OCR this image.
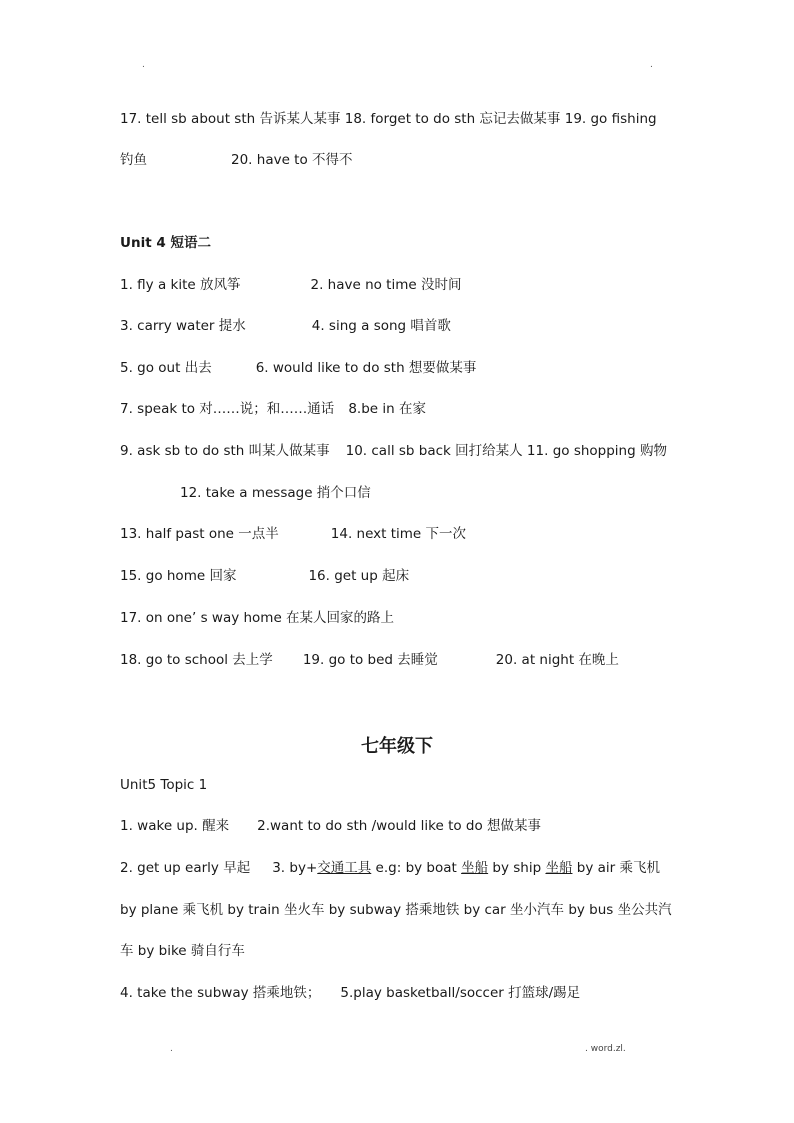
.	.
17. tell sb about sth 告诉某人某事 18. forget to do sth 忘记去做某事 19. go fishing
钓鱼	20. have to 不得不
Unit 4 短语二
1. fly a kite 放风筝	2. have no time 没时间
3. carry water 提水	4. sing a song 唱首歌
5. go out 出去	6. would like to do sth 想要做某事
7. speak to 对……说；和……通话 8.be in 在家
9. ask sb to do sth 叫某人做某事 10. call sb back 回打给某人 11. go shopping 购物
12. take a message 捎个口信
13. half past one 一点半	14. next time 下一次
15. go home 回家	16. get up 起床
17. on one’ s way home 在某人回家的路上
18. go to school 去上学 19. go to bed 去睡觉	20. at night 在晚上
七年级下
Unit5 Topic 1
1. wake up. 醒来 2.want to do sth /would like to do 想做某事
2. get up early 早起 3. by+交通工具 e.g: by boat 坐船 by ship 坐船 by air 乘飞机
by plane 乘飞机 by train 坐火车 by subway 搭乘地铁 by car 坐小汽车 by bus 坐公共汽
车 by bike 骑自行车
4. take the subway 搭乘地铁； 5.play basketball/soccer 打篮球/踢足
.	. word.zl.
